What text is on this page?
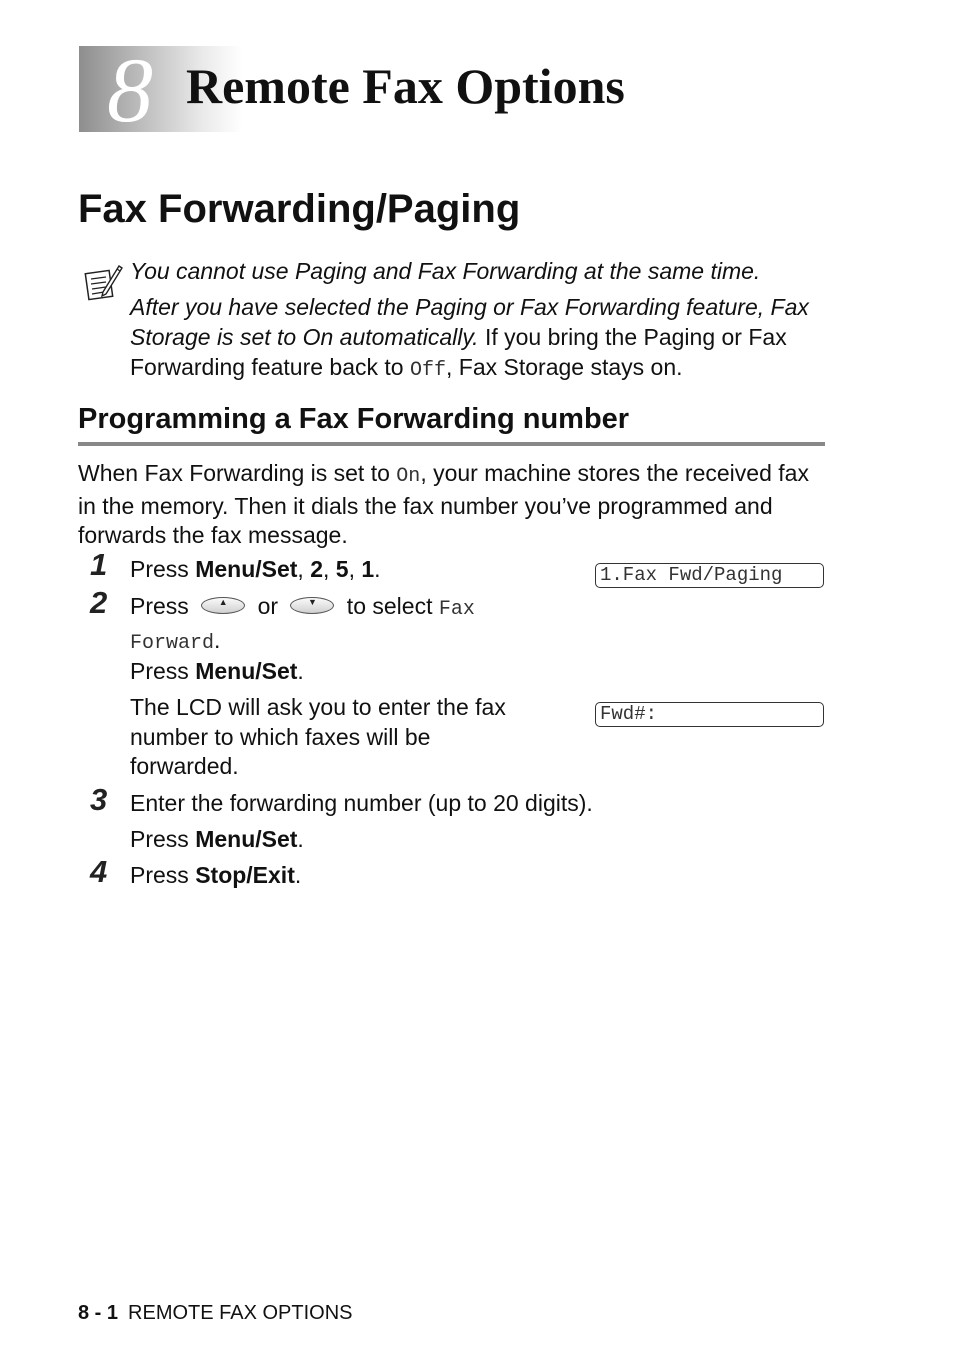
8 Remote Fax Options
Fax Forwarding/Paging

You cannot use Paging and Fax Forwarding at the same time.

After you have selected the Paging or Fax Forwarding feature, Fax Storage is set to On automatically. If you bring the Paging or Fax Forwarding feature back to Off, Fax Storage stays on.

Programming a Fax Forwarding number
When Fax Forwarding is set to On, your machine stores the received fax in the memory. Then it dials the fax number you’ve programmed and forwards the fax message.
1 Press Menu/Set, 2, 5, 1.	1.Fax Fwd/Paging
2 Press	▲	or	▼	to select Fax Forward.
Press Menu/Set.
The LCD will ask you to enter the fax number to which faxes will be forwarded.
Fwd#:
3 Enter the forwarding number (up to 20 digits).
Press Menu/Set.
4 Press Stop/Exit.
8 - 1 REMOTE FAX OPTIONS
